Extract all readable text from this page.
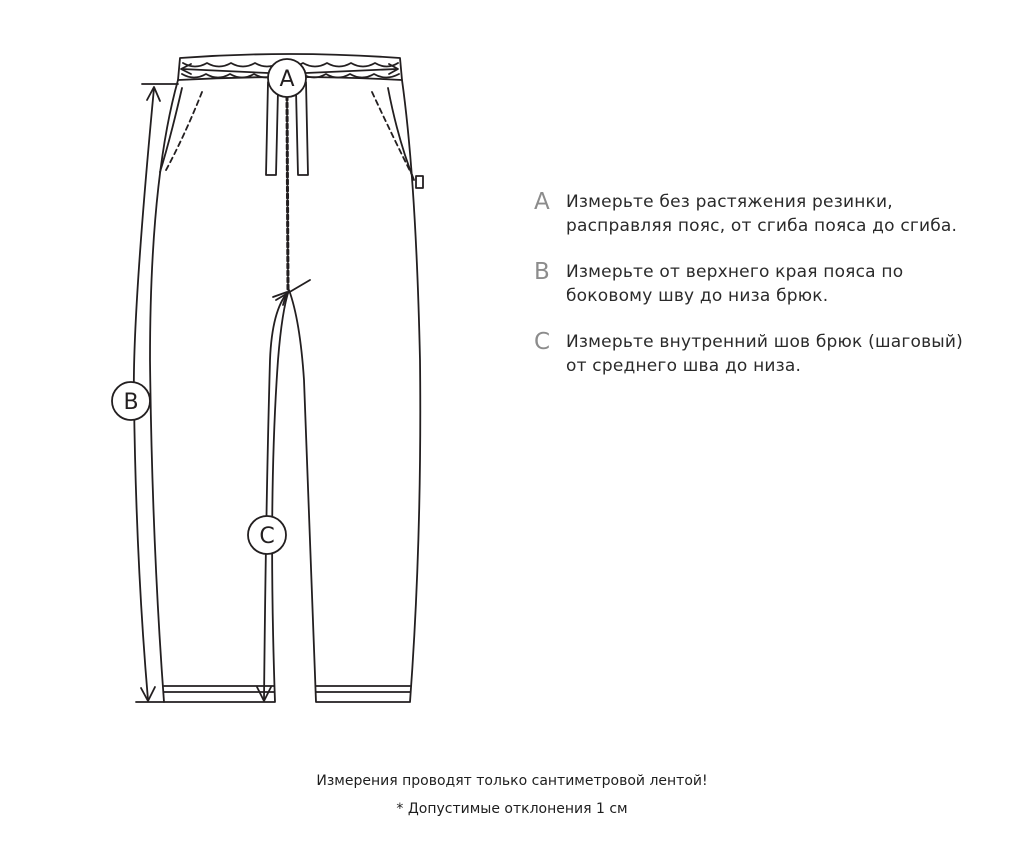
A
B
C
A Измерьте без растяжения резинки, расправляя пояс, от сгиба пояса до сгиба.
B Измерьте от верхнего края пояса по боковому шву до низа брюк.
C Измерьте внутренний шов брюк (шаговый) от среднего шва до низа.
Измерения проводят только сантиметровой лентой!
* Допустимые отклонения 1 см
